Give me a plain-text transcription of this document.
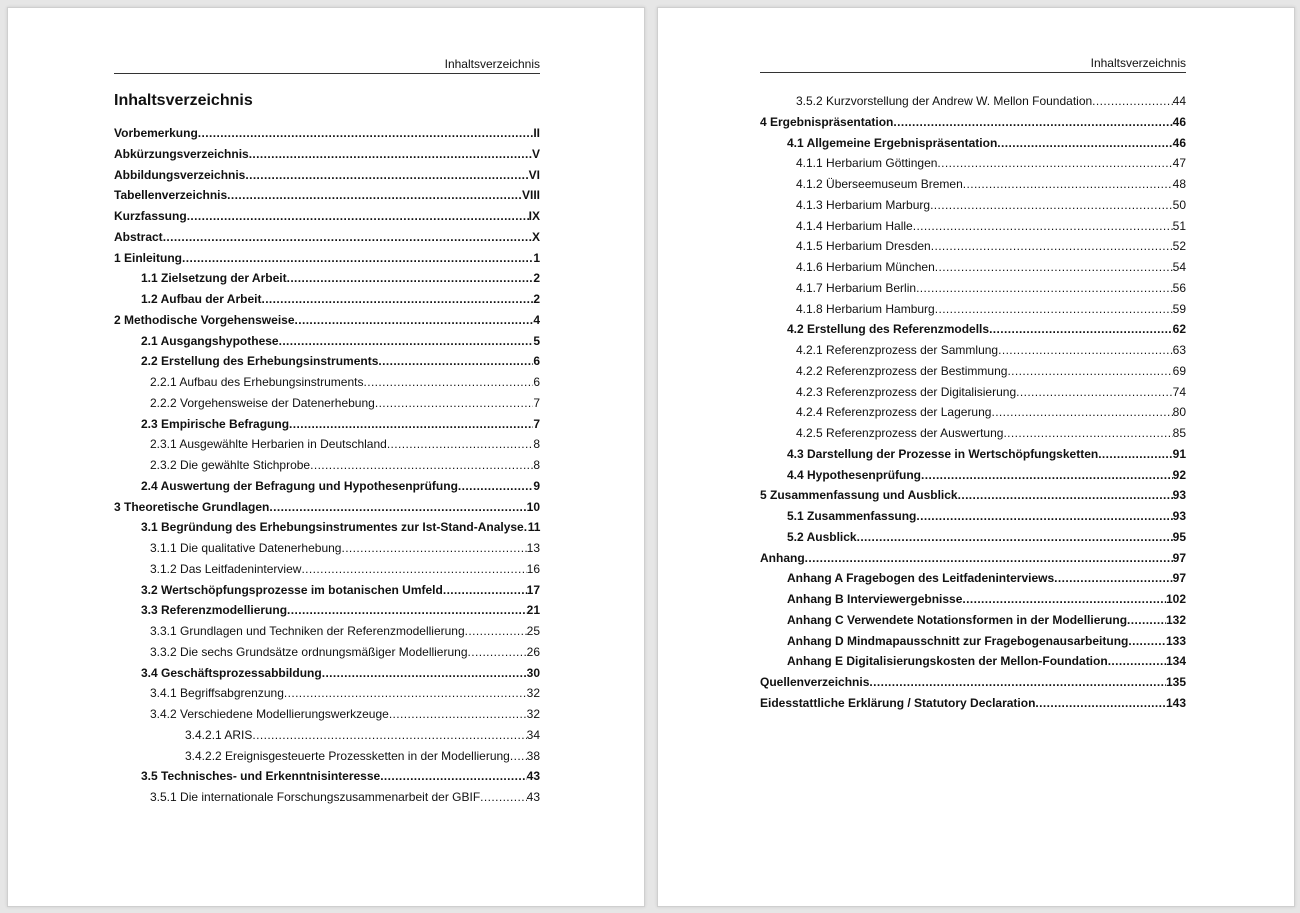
Inhaltsverzeichnis
Inhaltsverzeichnis
Vorbemerkung .....	II
Abkürzungsverzeichnis .....	V
Abbildungsverzeichnis .....	VI
Tabellenverzeichnis .....	VIII
Kurzfassung .....	IX
Abstract .....	X
1 Einleitung .....	1
1.1 Zielsetzung der Arbeit .....	2
1.2 Aufbau der Arbeit .....	2
2 Methodische Vorgehensweise .....	4
2.1 Ausgangshypothese .....	5
2.2 Erstellung des Erhebungsinstruments .....	6
2.2.1 Aufbau des Erhebungsinstruments .....	6
2.2.2 Vorgehensweise der Datenerhebung .....	7
2.3 Empirische Befragung .....	7
2.3.1 Ausgewählte Herbarien in Deutschland .....	8
2.3.2 Die gewählte Stichprobe .....	8
2.4 Auswertung der Befragung und Hypothesenprüfung .....	9
3 Theoretische Grundlagen .....	10
3.1 Begründung des Erhebungsinstrumentes zur Ist-Stand-Analyse ..... 11
3.1.1 Die qualitative Datenerhebung .....	13
3.1.2 Das Leitfadeninterview .....	16
3.2 Wertschöpfungsprozesse im botanischen Umfeld .....	17
3.3 Referenzmodellierung .....	21
3.3.1 Grundlagen und Techniken der Referenzmodellierung .....	25
3.3.2 Die sechs Grundsätze ordnungsmäßiger Modellierung .....	26
3.4 Geschäftsprozessabbildung .....	30
3.4.1 Begriffsabgrenzung .....	32
3.4.2 Verschiedene Modellierungswerkzeuge .....	32
3.4.2.1 ARIS .....	34
3.4.2.2 Ereignisgesteuerte Prozessketten in der Modellierung ..... 38
3.5 Technisches- und Erkenntnisinteresse .....	43
3.5.1 Die internationale Forschungszusammenarbeit der GBIF .....	43
Inhaltsverzeichnis
3.5.2 Kurzvorstellung der Andrew W. Mellon Foundation .....	44
4 Ergebnispräsentation .....	46
4.1 Allgemeine Ergebnispräsentation .....	46
4.1.1 Herbarium Göttingen .....	47
4.1.2 Überseemuseum Bremen .....	48
4.1.3 Herbarium Marburg .....	50
4.1.4 Herbarium Halle .....	51
4.1.5 Herbarium Dresden .....	52
4.1.6 Herbarium München .....	54
4.1.7 Herbarium Berlin .....	56
4.1.8 Herbarium Hamburg .....	59
4.2 Erstellung des Referenzmodells .....	62
4.2.1 Referenzprozess der Sammlung .....	63
4.2.2 Referenzprozess der Bestimmung .....	69
4.2.3 Referenzprozess der Digitalisierung .....	74
4.2.4 Referenzprozess der Lagerung .....	80
4.2.5 Referenzprozess der Auswertung .....	85
4.3 Darstellung der Prozesse in Wertschöpfungsketten .....	91
4.4 Hypothesenprüfung .....	92
5 Zusammenfassung und Ausblick .....	93
5.1 Zusammenfassung .....	93
5.2 Ausblick .....	95
Anhang .....	97
Anhang A Fragebogen des Leitfadeninterviews .....	97
Anhang B Interviewergebnisse .....	102
Anhang C Verwendete Notationsformen in der Modellierung .....	132
Anhang D Mindmapausschnitt zur Fragebogenausarbeitung .....	133
Anhang E Digitalisierungskosten der Mellon-Foundation .....	134
Quellenverzeichnis .....	135
Eidesstattliche Erklärung / Statutory Declaration .....	143
